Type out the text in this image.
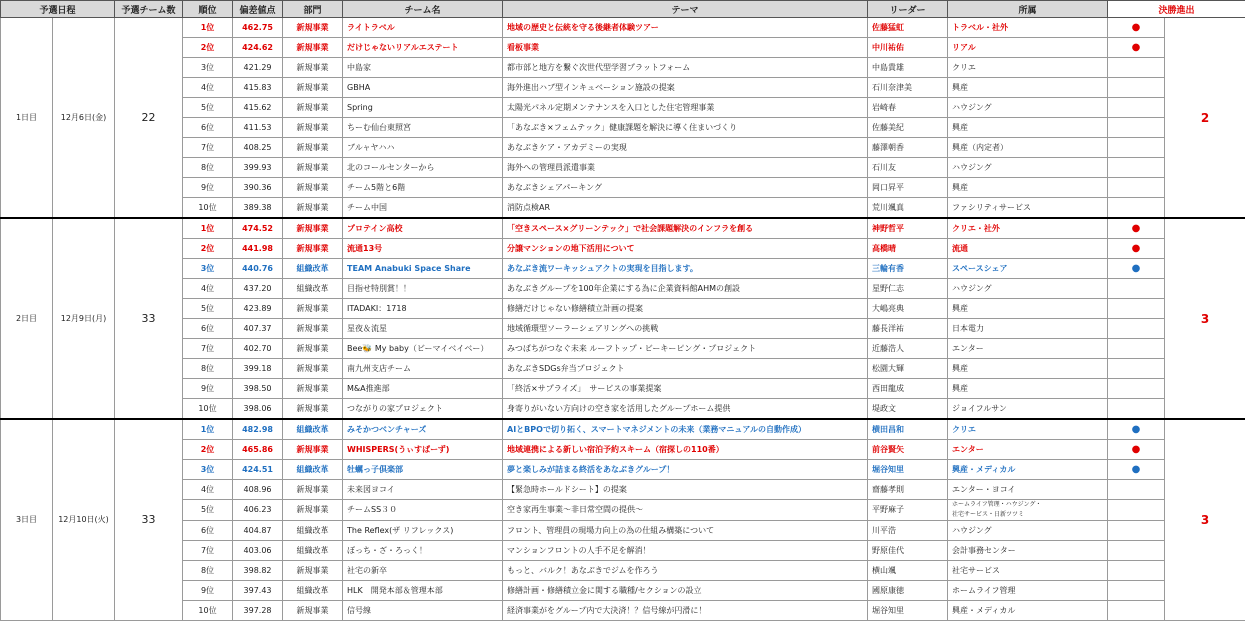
予選日程		予選チーム数	順位	偏差値点	部門	チーム名	テーマ	リーダー	所属	決勝進出	
1日目	12月6日(金)	22	1位	462.75	新規事業	ライトラベル	地域の歴史と伝統を守る後継者体験ツアー	佐藤猛虹	トラベル・社外	●	2
			2位	424.62	新規事業	だけじゃないリアルエステート	看板事業	中川祐佑	リアル	●	
			3位	421.29	新規事業	中島家	都市部と地方を繋ぐ次世代型学習プラットフォーム	中島貴雄	クリエ		
			4位	415.83	新規事業	GBHA	海外進出ハブ型インキュベーション施設の提案	石川奈津美	興産		
			5位	415.62	新規事業	Spring	太陽光パネル定期メンテナンスを入口とした住宅管理事業	岩崎春	ハウジング		
			6位	411.53	新規事業	ちーむ仙台東照宮	「あなぶき×フェムテック」健康課題を解決に導く住まいづくり	佐藤美紀	興産		
			7位	408.25	新規事業	ブルャヤハハ	あなぶきケア・アカデミーの実現	藤澤朝香	興産（内定者）		
			8位	399.93	新規事業	北のコールセンターから	海外への管理員派遣事業	石川友	ハウジング		
			9位	390.36	新規事業	チーム5階と6階	あなぶきシェアパーキング	岡口昇平	興産		
			10位	389.38	新規事業	チーム中国	消防点検AR	荒川颯真	ファシリティサービス		
2日目	12月9日(月)	33	1位	474.52	新規事業	プロテイン高校	「空きスペース×グリーンテック」で社会課題解決のインフラを創る	神野哲平	クリエ・社外	●	3
			2位	441.98	新規事業	流通13号	分譲マンションの地下活用について	高橋晴	流通	●	
			3位	440.76	組織改革	TEAM Anabuki Space Share	あなぶき流ワーキッシュアクトの実現を目指します。	三輪有香	スペースシェア	●	
			4位	437.20	組織改革	目指せ特別賞！！	あなぶきグループを100年企業にする為に企業資料館AHMの創設	星野仁志	ハウジング		
			5位	423.89	新規事業	ITADAKI：1718	修繕だけじゃない修繕積立計画の提案	大嶋亮典	興産		
			6位	407.37	新規事業	星夜＆流星	地域循環型ソーラーシェアリングへの挑戦	藤長洋祐	日本電力		
			7位	402.70	新規事業	Bee🐝 My baby（ビーマイベイベー）	みつばちがつなぐ未来 ルーフトップ・ビーキーピング・プロジェクト	近藤浩人	エンター		
			8位	399.18	新規事業	南九州支店チーム	あなぶきSDGs弁当プロジェクト	松園大輝	興産		
			9位	398.50	新規事業	M&A推進部	「終活×サプライズ」　サービスの事業提案	西田龍成	興産		
			10位	398.06	新規事業	つながりの家プロジェクト	身寄りがいない方向けの空き家を活用したグループホーム提供	堤政文	ジョイフルサン		
3日目	12月10日(火)	33	1位	482.98	組織改革	みそかつベンチャーズ	AIとBPOで切り拓く、スマートマネジメントの未来（業務マニュアルの自動作成）	横田昌和	クリエ	●	3
			2位	465.86	新規事業	WHISPERS(うぃすぱーず)	地域連携による新しい宿泊予約スキーム（宿探しの110番）	前谷賢矢	エンター	●	
			3位	424.51	組織改革	牡蠣っ子倶楽部	夢と楽しみが詰まる終活をあなぶきグループ！	堀谷知里	興産・メディカル	●	
			4位	408.96	新規事業	未来図ヨコイ	【緊急時ホールドシート】の提案	齋藤孝則	エンター・ヨコイ		
			5位	406.23	新規事業	チームSS３０	空き家再生事業〜非日常空間の提供〜	平野麻子	ホームライフ管理・ハウジング・
社宅サービス・日新ツツミ		

			6位	404.87	組織改革	The Reflex(ザ リフレックス)	フロント、管理員の現場力向上の為の仕組み構築について	川平浩	ハウジング		
			7位	403.06	組織改革	ぼっち・ざ・ろっく！	マンションフロントの人手不足を解消！	野原佳代	会計事務センター		
			8位	398.82	新規事業	社宅の新卒	もっと、バルク！あなぶきでジムを作ろう	横山颯	社宅サービス		
			9位	397.43	組織改革	HLK　開発本部＆管理本部	修繕計画・修繕積立金に関する職種/セクションの設立	國原康徳	ホームライフ管理		
			10位	397.28	新規事業	信号線	経済事業がをグループ内で大決済！？信号線が円滑に！	堀谷知里	興産・メディカル		
